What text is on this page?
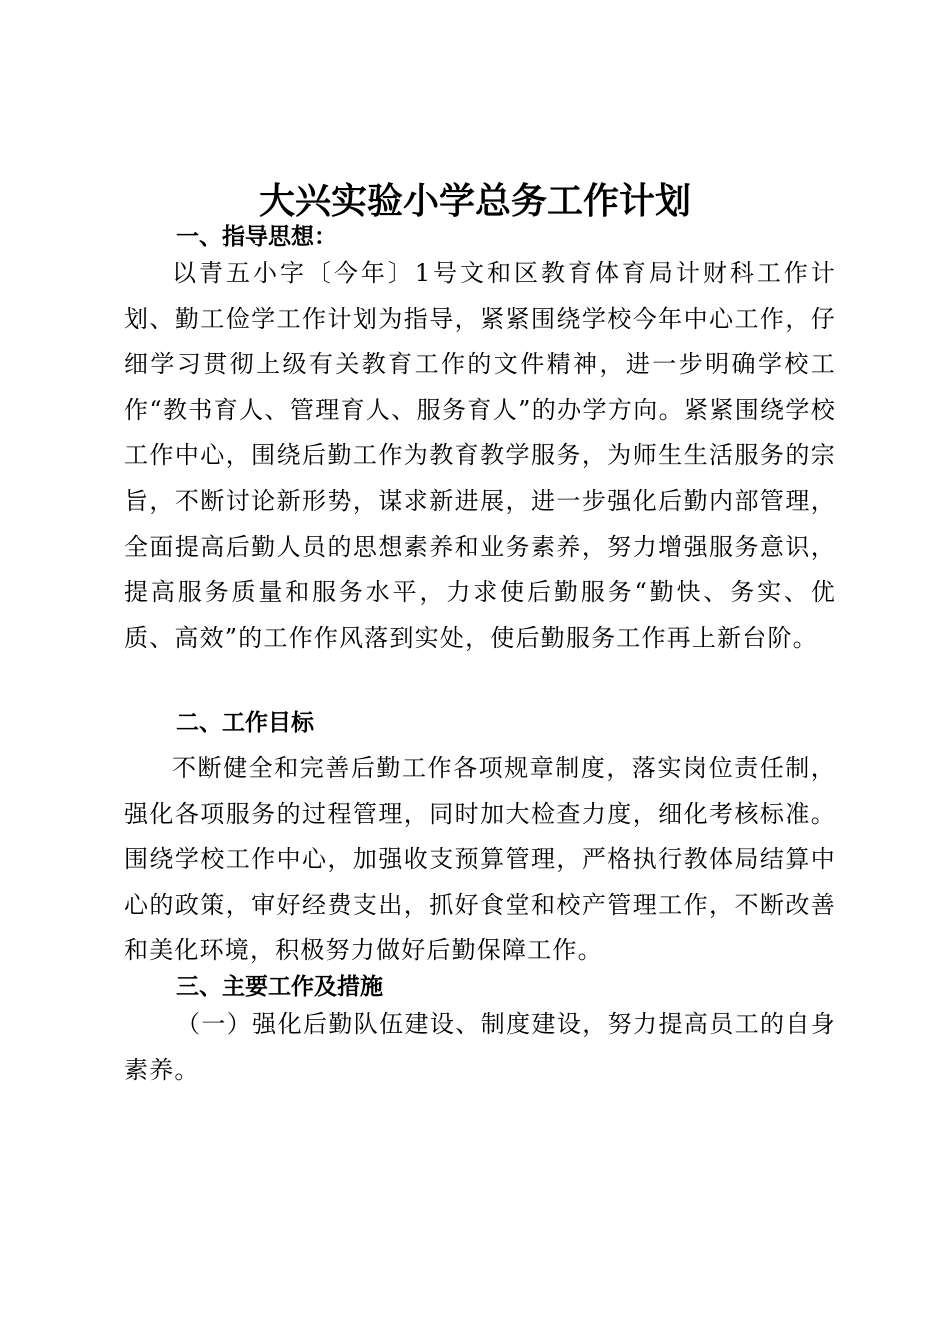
大兴实验小学总务工作计划
一、指导思想：

以青五小字〔今年〕1号文和区教育体育局计财科工作计划、勤工俭学工作计划为指导，紧紧围绕学校今年中心工作，仔细学习贯彻上级有关教育工作的文件精神，进一步明确学校工作“教书育人、管理育人、服务育人”的办学方向。紧紧围绕学校工作中心，围绕后勤工作为教育教学服务，为师生生活服务的宗旨，不断讨论新形势，谋求新进展，进一步强化后勤内部管理，全面提高后勤人员的思想素养和业务素养，努力增强服务意识，提高服务质量和服务水平，力求使后勤服务“勤快、务实、优质、高效”的工作作风落到实处，使后勤服务工作再上新台阶。

二、工作目标

不断健全和完善后勤工作各项规章制度，落实岗位责任制，强化各项服务的过程管理，同时加大检查力度，细化考核标准。围绕学校工作中心，加强收支预算管理，严格执行教体局结算中心的政策，审好经费支出，抓好食堂和校产管理工作，不断改善和美化环境，积极努力做好后勤保障工作。

三、主要工作及措施

（一）强化后勤队伍建设、制度建设，努力提高员工的自身素养。
